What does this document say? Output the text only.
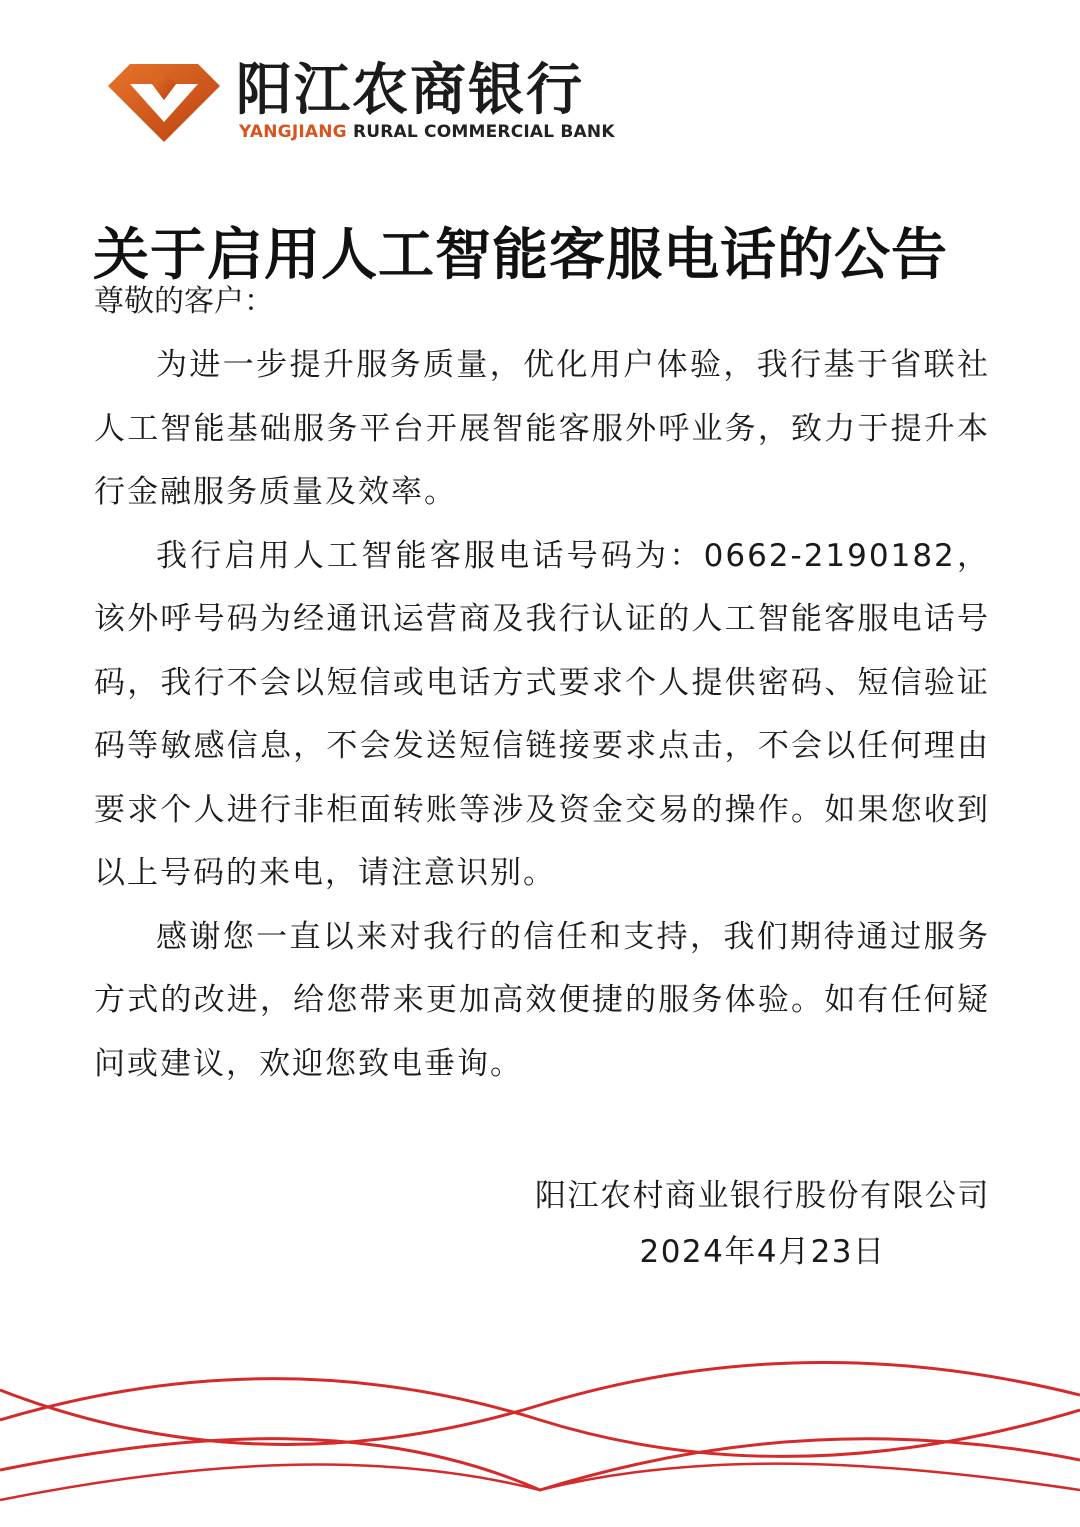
阳江农商银行
YANGJIANG RURAL COMMERCIAL BANK
关于启用人工智能客服电话的公告
尊敬的客户：

为进一步提升服务质量，优化用户体验，我行基于省联社人工智能基础服务平台开展智能客服外呼业务，致力于提升本行金融服务质量及效率。

我行启用人工智能客服电话号码为：0662-2190182，该外呼号码为经通讯运营商及我行认证的人工智能客服电话号码，我行不会以短信或电话方式要求个人提供密码、短信验证码等敏感信息，不会发送短信链接要求点击，不会以任何理由要求个人进行非柜面转账等涉及资金交易的操作。如果您收到以上号码的来电，请注意识别。

感谢您一直以来对我行的信任和支持，我们期待通过服务方式的改进，给您带来更加高效便捷的服务体验。如有任何疑问或建议，欢迎您致电垂询。

阳江农村商业银行股份有限公司
2024年4月23日
